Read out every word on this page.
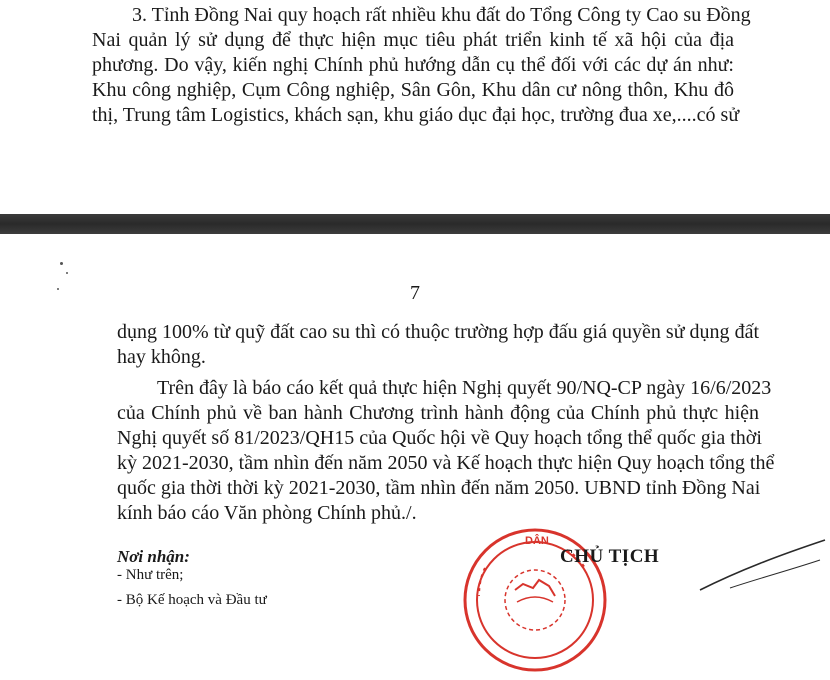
3. Tỉnh Đồng Nai quy hoạch rất nhiều khu đất do Tổng Công ty Cao su Đồng
Nai quản lý sử dụng để thực hiện mục tiêu phát triển kinh tế xã hội của địa
phương. Do vậy, kiến nghị Chính phủ hướng dẫn cụ thể đối với các dự án như:
Khu công nghiệp, Cụm Công nghiệp, Sân Gôn, Khu dân cư nông thôn, Khu đô
thị, Trung tâm Logistics, khách sạn, khu giáo dục đại học, trường đua xe,....có sử
7
dụng 100% từ quỹ đất cao su thì có thuộc trường hợp đấu giá quyền sử dụng đất
hay không.
Trên đây là báo cáo kết quả thực hiện Nghị quyết 90/NQ-CP ngày 16/6/2023
của Chính phủ về ban hành Chương trình hành động của Chính phủ thực hiện
Nghị quyết số 81/2023/QH15 của Quốc hội về Quy hoạch tổng thể quốc gia thời
kỳ 2021-2030, tầm nhìn đến năm 2050 và Kế hoạch thực hiện Quy hoạch tổng thể
quốc gia thời thời kỳ 2021-2030, tầm nhìn đến năm 2050. UBND tỉnh Đồng Nai
kính báo cáo Văn phòng Chính phủ./.
Nơi nhận:
- Như trên;
- Bộ Kế hoạch và Đầu tư
DÂN
CHỦ TỊCH
